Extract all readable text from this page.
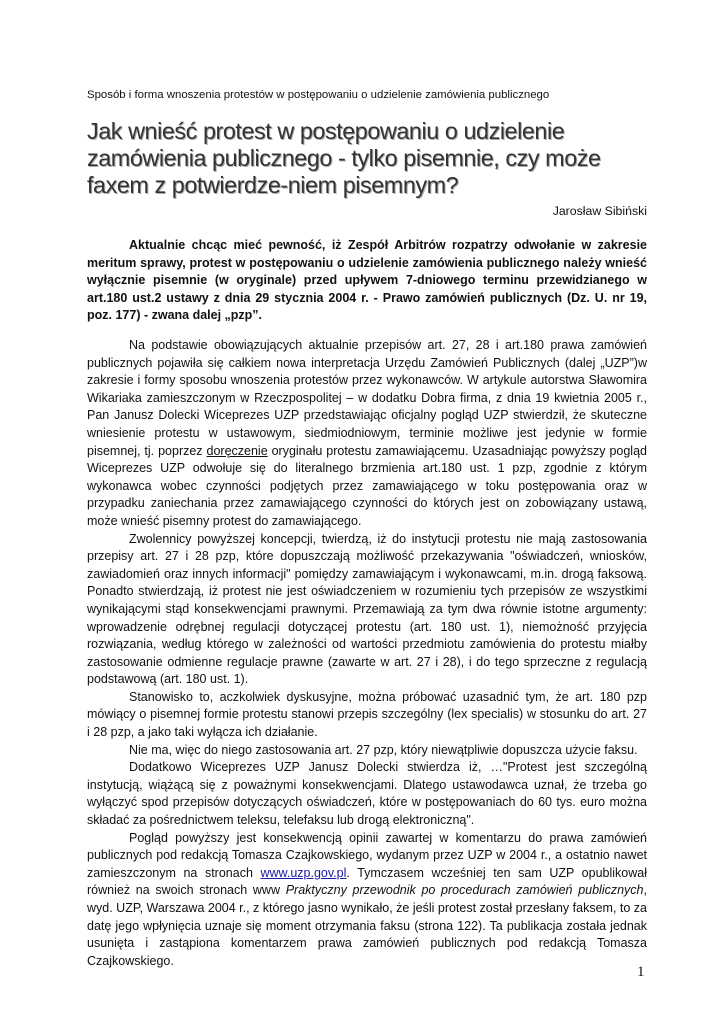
Sposób i forma wnoszenia protestów w postępowaniu o udzielenie zamówienia publicznego
Jak wnieść protest w postępowaniu o udzielenie zamówienia publicznego - tylko pisemnie, czy może faxem z potwierdze-niem pisemnym?
Jarosław Sibiński

Aktualnie chcąc mieć pewność, iż Zespół Arbitrów rozpatrzy odwołanie w zakresie meritum sprawy, protest w postępowaniu o udzielenie zamówienia publicznego należy wnieść wyłącznie pisemnie (w oryginale) przed upływem 7-dniowego terminu przewidzianego w art.180 ust.2 ustawy z dnia 29 stycznia 2004 r. - Prawo zamówień publicznych (Dz. U. nr 19, poz. 177) - zwana dalej „pzp”.

Na podstawie obowiązujących aktualnie przepisów art. 27, 28 i art.180 prawa zamówień publicznych pojawiła się całkiem nowa interpretacja Urzędu Zamówień Publicznych (dalej „UZP”)w zakresie i formy sposobu wnoszenia protestów przez wykonawców. W artykule autorstwa Sławomira Wikariaka zamieszczonym w Rzeczpospolitej – w dodatku Dobra firma, z dnia 19 kwietnia 2005 r., Pan Janusz Dolecki Wiceprezes UZP przedstawiając oficjalny pogląd UZP stwierdził, że skuteczne wniesienie protestu w ustawowym, siedmiodniowym, terminie możliwe jest jedynie w formie pisemnej, tj. poprzez doręczenie oryginału protestu zamawiającemu. Uzasadniając powyższy pogląd Wiceprezes UZP odwołuje się do literalnego brzmienia art.180 ust. 1 pzp, zgodnie z którym wykonawca wobec czynności podjętych przez zamawiającego w toku postępowania oraz w przypadku zaniechania przez zamawiającego czynności do których jest on zobowiązany ustawą, może wnieść pisemny protest do zamawiającego.

Zwolennicy powyższej koncepcji, twierdzą, iż do instytucji protestu nie mają zastosowania przepisy art. 27 i 28 pzp, które dopuszczają możliwość przekazywania "oświadczeń, wniosków, zawiadomień oraz innych informacji" pomiędzy zamawiającym i wykonawcami, m.in. drogą faksową. Ponadto stwierdzają, iż protest nie jest oświadczeniem w rozumieniu tych przepisów ze wszystkimi wynikającymi stąd konsekwencjami prawnymi. Przemawiają za tym dwa równie istotne argumenty: wprowadzenie odrębnej regulacji dotyczącej protestu (art. 180 ust. 1), niemożność przyjęcia rozwiązania, według którego w zależności od wartości przedmiotu zamówienia do protestu miałby zastosowanie odmienne regulacje prawne (zawarte w art. 27 i 28), i do tego sprzeczne z regulacją podstawową (art. 180 ust. 1).

Stanowisko to, aczkolwiek dyskusyjne, można próbować uzasadnić tym, że art. 180 pzp mówiący o pisemnej formie protestu stanowi przepis szczególny (lex specialis) w stosunku do art. 27 i 28 pzp, a jako taki wyłącza ich działanie.

Nie ma, więc do niego zastosowania art. 27 pzp, który niewątpliwie dopuszcza użycie faksu.

Dodatkowo Wiceprezes UZP Janusz Dolecki stwierdza iż, …"Protest jest szczególną instytucją, wiążącą się z poważnymi konsekwencjami. Dlatego ustawodawca uznał, że trzeba go wyłączyć spod przepisów dotyczących oświadczeń, które w postępowaniach do 60 tys. euro można składać za pośrednictwem teleksu, telefaksu lub drogą elektroniczną".

Pogląd powyższy jest konsekwencją opinii zawartej w komentarzu do prawa zamówień publicznych pod redakcją Tomasza Czajkowskiego, wydanym przez UZP w 2004 r., a ostatnio nawet zamieszczonym na stronach www.uzp.gov.pl. Tymczasem wcześniej ten sam UZP opublikował również na swoich stronach www Praktyczny przewodnik po procedurach zamówień publicznych, wyd. UZP, Warszawa 2004 r., z którego jasno wynikało, że jeśli protest został przesłany faksem, to za datę jego wpłynięcia uznaje się moment otrzymania faksu (strona 122). Ta publikacja została jednak usunięta i zastąpiona komentarzem prawa zamówień publicznych pod redakcją Tomasza Czajkowskiego.

1
